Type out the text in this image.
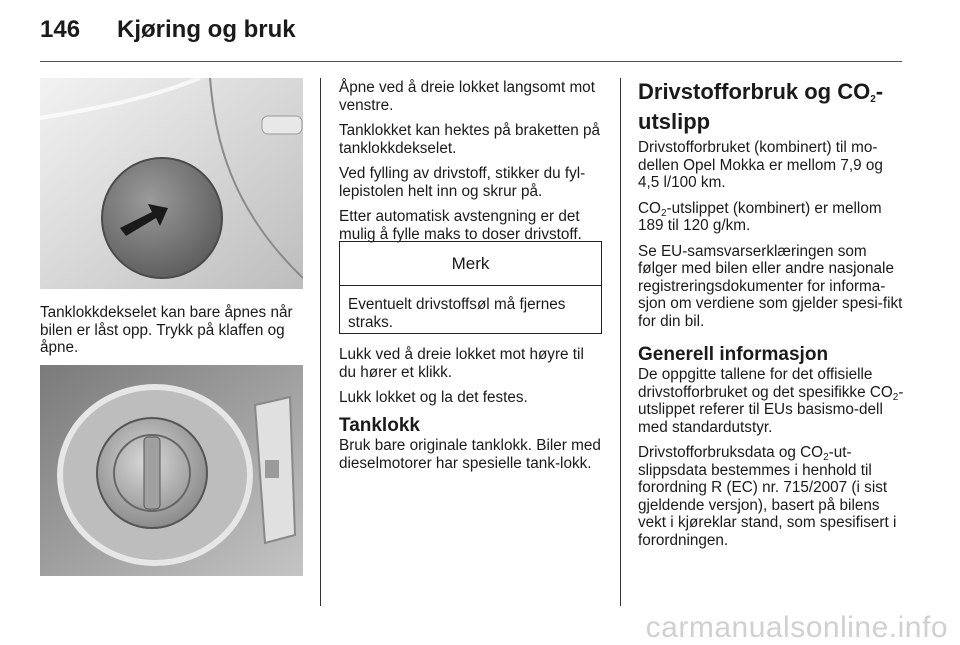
146 Kjøring og bruk
Tanklokkdekselet kan bare åpnes når bilen er låst opp. Trykk på klaffen og åpne.

Åpne ved å dreie lokket langsomt mot venstre.

Tanklokket kan hektes på braketten på tanklokkdekselet.

Ved fylling av drivstoff, stikker du fyl-lepistolen helt inn og skrur på.

Etter automatisk avstengning er det mulig å fylle maks to doser drivstoff.

Merk
Eventuelt drivstoffsøl må fjernes straks.

Lukk ved å dreie lokket mot høyre til du hører et klikk.

Lukk lokket og la det festes.

Tanklokk
Bruk bare originale tanklokk. Biler med dieselmotorer har spesielle tank-lokk.
Drivstofforbruk og $CO_2-$
utslipp

Drivstofforbruket (kombinert) til mo-dellen Opel Mokka er mellom 7,9 og 4,5 l/100 km.

$CO_2$-utslippet (kombinert) er mellom 189 til 120 g/km.

Se EU-samsvarserklæringen som følger med bilen eller andre nasjonale registreringsdokumenter for informa-sjon om verdiene som gjelder spesi-fikt for din bil.

Generell informasjon

De oppgitte tallene for det offisielle drivstofforbruket og det spesifikke $CO_2$-utslippet referer til EUs basismo-dell med standardutstyr.

Drivstofforbruksdata og $CO_2-ut$-slippsdata bestemmes i henhold til forordning R (EC) nr. 715/2007 (i sist gjeldende versjon), basert på bilens vekt i kjøreklar stand, som spesifisert i forordningen.

carmanualsonline.info
